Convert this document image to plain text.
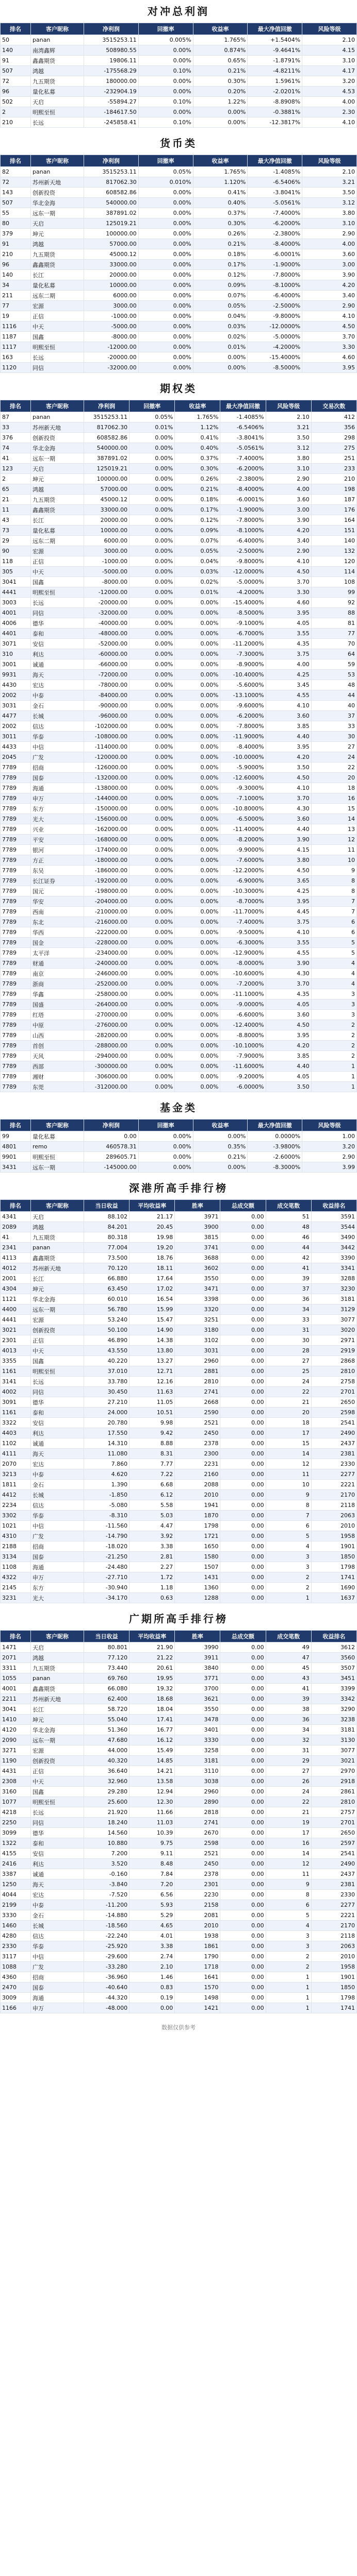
对冲总利润
排名	客户昵称	净利润	回撤率	收益率	最大净值回撤	风险等级
50	panan	3515253.11	0.005%	1.765%	+1.5404%	2.10
140	南湾鑫辉	508980.55	0.00%	0.874%	-9.4641%	4.15
91	鑫鑫期货	19806.11	0.00%	0.65%	-1.8791%	3.10
507	鸿越	-175568.29	0.10%	0.21%	-4.8211%	4.17
72	九五期货	180000.00	0.00%	0.30%	1.5961%	3.20
96	量化私募	-232904.19	0.00%	0.20%	-2.0201%	4.53
502	天启	-55894.27	0.10%	1.22%	-8.8908%	4.00
2	明熙至恒	-184617.50	0.00%	0.00%	-0.3881%	2.30
210	长远	-245858.41	0.10%	0.00%	-12.3817%	4.10
货币类
排名	客户昵称	净利润	回撤率	收益率	最大净值回撤	风险等级
82	panan	3515253.11	0.05%	1.765%	-1.4085%	2.10
72	苏州新天地	817062.30	0.010%	1.120%	-6.5406%	3.21
143	创新投资	608582.86	0.00%	0.41%	-3.8041%	3.50
507	华北金海	540000.00	0.00%	0.40%	-5.0561%	3.12
55	远东一期	387891.02	0.00%	0.37%	-7.4000%	3.80
80	天启	125019.21	0.00%	0.30%	-6.2000%	3.10
379	坤元	100000.00	0.00%	0.26%	-2.3800%	2.90
91	鸿越	57000.00	0.00%	0.21%	-8.4000%	4.00
210	九五期货	45000.12	0.00%	0.18%	-6.0001%	3.60
96	鑫鑫期货	33000.00	0.00%	0.17%	-1.9000%	3.00
140	长江	20000.00	0.00%	0.12%	-7.8000%	3.90
34	量化私募	10000.00	0.00%	0.09%	-8.1000%	4.20
211	远东二期	6000.00	0.00%	0.07%	-6.4000%	3.40
77	宏源	3000.00	0.00%	0.05%	-2.5000%	2.90
19	正信	-1000.00	0.00%	0.04%	-9.8000%	4.10
1116	中天	-5000.00	0.00%	0.03%	-12.0000%	4.50
1187	国鑫	-8000.00	0.00%	0.02%	-5.0000%	3.70
1117	明熙至恒	-12000.00	0.00%	0.01%	-4.2000%	3.30
163	长远	-20000.00	0.00%	0.00%	-15.4000%	4.60
1120	同信	-32000.00	0.00%	0.00%	-8.5000%	3.95
期权类
排名	客户昵称	净利润	回撤率	收益率	最大净值回撤	风险等级	交易次数
87	panan	3515253.11	0.05%	1.765%	-1.4085%	2.10	412
33	苏州新天地	817062.30	0.01%	1.12%	-6.5406%	3.21	356
376	创新投资	608582.86	0.00%	0.41%	-3.8041%	3.50	298
74	华北金海	540000.00	0.00%	0.40%	-5.0561%	3.12	275
41	远东一期	387891.02	0.00%	0.37%	-7.4000%	3.80	251
123	天启	125019.21	0.00%	0.30%	-6.2000%	3.10	233
2	坤元	100000.00	0.00%	0.26%	-2.3800%	2.90	210
65	鸿越	57000.00	0.00%	0.21%	-8.4000%	4.00	198
21	九五期货	45000.12	0.00%	0.18%	-6.0001%	3.60	187
11	鑫鑫期货	33000.00	0.00%	0.17%	-1.9000%	3.00	176
43	长江	20000.00	0.00%	0.12%	-7.8000%	3.90	164
73	量化私募	10000.00	0.00%	0.09%	-8.1000%	4.20	151
29	远东二期	6000.00	0.00%	0.07%	-6.4000%	3.40	140
90	宏源	3000.00	0.00%	0.05%	-2.5000%	2.90	132
118	正信	-1000.00	0.00%	0.04%	-9.8000%	4.10	120
305	中天	-5000.00	0.00%	0.03%	-12.0000%	4.50	114
3041	国鑫	-8000.00	0.00%	0.02%	-5.0000%	3.70	108
4441	明熙至恒	-12000.00	0.00%	0.01%	-4.2000%	3.30	99
3003	长远	-20000.00	0.00%	0.00%	-15.4000%	4.60	92
4001	同信	-32000.00	0.00%	0.00%	-8.5000%	3.95	88
4006	德华	-40000.00	0.00%	0.00%	-9.1000%	4.05	81
4401	泰和	-48000.00	0.00%	0.00%	-6.7000%	3.55	77
3071	安信	-52000.00	0.00%	0.00%	-11.2000%	4.35	70
310	利达	-60000.00	0.00%	0.00%	-7.3000%	3.75	64
3001	诚通	-66000.00	0.00%	0.00%	-8.9000%	4.00	59
9931	海天	-72000.00	0.00%	0.00%	-10.4000%	4.25	53
4430	宏达	-78000.00	0.00%	0.00%	-5.6000%	3.45	48
2002	中泰	-84000.00	0.00%	0.00%	-13.1000%	4.55	44
3031	金石	-90000.00	0.00%	0.00%	-9.6000%	4.10	40
4477	长城	-96000.00	0.00%	0.00%	-6.2000%	3.60	37
2002	信达	-102000.00	0.00%	0.00%	-7.8000%	3.85	33
3011	华泰	-108000.00	0.00%	0.00%	-11.9000%	4.40	30
4433	中信	-114000.00	0.00%	0.00%	-8.4000%	3.95	27
2045	广发	-120000.00	0.00%	0.00%	-10.0000%	4.20	24
7789	招商	-126000.00	0.00%	0.00%	-5.9000%	3.50	22
7789	国泰	-132000.00	0.00%	0.00%	-12.6000%	4.50	20
7789	海通	-138000.00	0.00%	0.00%	-9.3000%	4.10	18
7789	申万	-144000.00	0.00%	0.00%	-7.1000%	3.70	16
7789	东方	-150000.00	0.00%	0.00%	-10.8000%	4.30	15
7789	光大	-156000.00	0.00%	0.00%	-6.5000%	3.60	14
7789	兴业	-162000.00	0.00%	0.00%	-11.4000%	4.40	13
7789	平安	-168000.00	0.00%	0.00%	-8.2000%	3.90	12
7789	银河	-174000.00	0.00%	0.00%	-9.9000%	4.15	11
7789	方正	-180000.00	0.00%	0.00%	-7.6000%	3.80	10
7789	东吴	-186000.00	0.00%	0.00%	-12.2000%	4.50	9
7789	长江证券	-192000.00	0.00%	0.00%	-6.9000%	3.65	8
7789	国元	-198000.00	0.00%	0.00%	-10.3000%	4.25	8
7789	华安	-204000.00	0.00%	0.00%	-8.7000%	3.95	7
7789	西南	-210000.00	0.00%	0.00%	-11.7000%	4.45	7
7789	东北	-216000.00	0.00%	0.00%	-7.4000%	3.75	6
7789	华西	-222000.00	0.00%	0.00%	-9.5000%	4.10	6
7789	国金	-228000.00	0.00%	0.00%	-6.3000%	3.55	5
7789	太平洋	-234000.00	0.00%	0.00%	-12.9000%	4.55	5
7789	财通	-240000.00	0.00%	0.00%	-8.0000%	3.90	4
7789	南京	-246000.00	0.00%	0.00%	-10.6000%	4.30	4
7789	浙商	-252000.00	0.00%	0.00%	-7.2000%	3.70	4
7789	华鑫	-258000.00	0.00%	0.00%	-11.1000%	4.35	3
7789	国盛	-264000.00	0.00%	0.00%	-9.0000%	4.05	3
7789	红塔	-270000.00	0.00%	0.00%	-6.6000%	3.60	3
7789	中原	-276000.00	0.00%	0.00%	-12.4000%	4.50	2
7789	山西	-282000.00	0.00%	0.00%	-8.8000%	3.95	2
7789	首创	-288000.00	0.00%	0.00%	-10.1000%	4.20	2
7789	天风	-294000.00	0.00%	0.00%	-7.9000%	3.85	2
7789	西部	-300000.00	0.00%	0.00%	-11.6000%	4.40	1
7789	湘财	-306000.00	0.00%	0.00%	-9.2000%	4.05	1
7789	东莞	-312000.00	0.00%	0.00%	-6.0000%	3.50	1
基金类
排名	客户昵称	净利润	回撤率	收益率	最大净值回撤	风险等级
99	量化私募	0.00	0.00%	0.00%	0.0000%	1.00
4801	remo	460578.31	0.00%	0.35%	-3.9800%	3.20
9901	明熙至恒	289605.71	0.00%	0.21%	-2.6000%	2.90
3431	远东一期	-145000.00	0.00%	0.00%	-8.3000%	3.99
深港所高手排行榜
排名	客户昵称	当日收益	平均收益率	胜率	总成交额	成交笔数	收益排名
4341	天启	88.102	21.17	3971	0.00	51	3591
2089	鸿越	84.201	20.45	3900	0.00	48	3544
41	九五期货	80.318	19.98	3815	0.00	46	3490
2341	panan	77.004	19.20	3741	0.00	44	3442
4113	鑫鑫期货	73.500	18.76	3688	0.00	42	3390
4012	苏州新天地	70.120	18.11	3602	0.00	41	3341
2001	长江	66.880	17.64	3550	0.00	39	3288
4304	坤元	63.450	17.02	3471	0.00	37	3230
1121	华北金海	60.010	16.54	3398	0.00	36	3181
4400	远东一期	56.780	15.99	3320	0.00	34	3129
4441	宏源	53.240	15.47	3251	0.00	33	3077
3021	创新投资	50.100	14.90	3180	0.00	31	3020
2301	正信	46.890	14.38	3102	0.00	30	2971
4013	中天	43.550	13.80	3031	0.00	28	2919
3355	国鑫	40.220	13.27	2960	0.00	27	2868
1161	明熙至恒	37.010	12.71	2881	0.00	25	2810
3141	长远	33.780	12.16	2810	0.00	24	2758
4002	同信	30.450	11.63	2741	0.00	22	2701
3091	德华	27.210	11.05	2668	0.00	21	2650
1161	泰和	24.000	10.51	2590	0.00	20	2598
3322	安信	20.780	9.98	2521	0.00	18	2541
4403	利达	17.550	9.42	2450	0.00	17	2490
1102	诚通	14.310	8.88	2378	0.00	15	2437
4111	海天	11.080	8.31	2300	0.00	14	2381
2070	宏达	7.860	7.77	2231	0.00	12	2330
3213	中泰	4.620	7.22	2160	0.00	11	2277
1811	金石	1.390	6.68	2088	0.00	10	2221
4412	长城	-1.850	6.12	2010	0.00	9	2170
2234	信达	-5.080	5.58	1941	0.00	8	2118
3302	华泰	-8.310	5.03	1870	0.00	7	2063
1021	中信	-11.560	4.47	1798	0.00	6	2010
4310	广发	-14.790	3.92	1721	0.00	5	1958
2188	招商	-18.020	3.38	1650	0.00	4	1901
3134	国泰	-21.250	2.81	1580	0.00	3	1850
1108	海通	-24.480	2.27	1507	0.00	3	1798
4322	申万	-27.710	1.72	1431	0.00	2	1741
2145	东方	-30.940	1.18	1360	0.00	2	1690
3231	光大	-34.170	0.63	1288	0.00	1	1637
广期所高手排行榜
排名	客户昵称	当日收益	平均收益率	胜率	总成交额	成交笔数	收益排名
1471	天启	80.801	21.90	3990	0.00	49	3612
2071	鸿越	77.120	21.22	3911	0.00	47	3560
3311	九五期货	73.440	20.61	3840	0.00	45	3507
1055	panan	69.760	19.95	3771	0.00	43	3451
4001	鑫鑫期货	66.080	19.32	3700	0.00	41	3399
2211	苏州新天地	62.400	18.68	3621	0.00	39	3342
3041	长江	58.720	18.04	3550	0.00	38	3290
1410	坤元	55.040	17.41	3478	0.00	36	3238
4120	华北金海	51.360	16.77	3401	0.00	34	3181
2090	远东一期	47.680	16.12	3330	0.00	32	3130
3271	宏源	44.000	15.49	3258	0.00	31	3077
1190	创新投资	40.320	14.85	3181	0.00	29	3021
4431	正信	36.640	14.21	3110	0.00	27	2970
2308	中天	32.960	13.58	3038	0.00	26	2918
3160	国鑫	29.280	12.94	2960	0.00	24	2861
1077	明熙至恒	25.600	12.30	2890	0.00	22	2810
4218	长远	21.920	11.66	2818	0.00	21	2757
2250	同信	18.240	11.03	2741	0.00	19	2701
3099	德华	14.560	10.39	2670	0.00	17	2650
1322	泰和	10.880	9.75	2598	0.00	16	2597
4155	安信	7.200	9.11	2521	0.00	14	2541
2416	利达	3.520	8.48	2450	0.00	12	2490
3387	诚通	-0.160	7.84	2378	0.00	11	2437
1250	海天	-3.840	7.20	2301	0.00	9	2381
4044	宏达	-7.520	6.56	2230	0.00	8	2330
2199	中泰	-11.200	5.93	2158	0.00	6	2277
3330	金石	-14.880	5.29	2081	0.00	5	2221
1460	长城	-18.560	4.65	2010	0.00	4	2170
4280	信达	-22.240	4.01	1938	0.00	3	2118
2330	华泰	-25.920	3.38	1861	0.00	3	2063
3117	中信	-29.600	2.74	1790	0.00	2	2010
1088	广发	-33.280	2.10	1718	0.00	2	1958
4360	招商	-36.960	1.46	1641	0.00	1	1901
2470	国泰	-40.640	0.83	1570	0.00	1	1850
3009	海通	-44.320	0.19	1498	0.00	1	1798
1166	申万	-48.000	0.00	1421	0.00	1	1741
数据仅供参考
